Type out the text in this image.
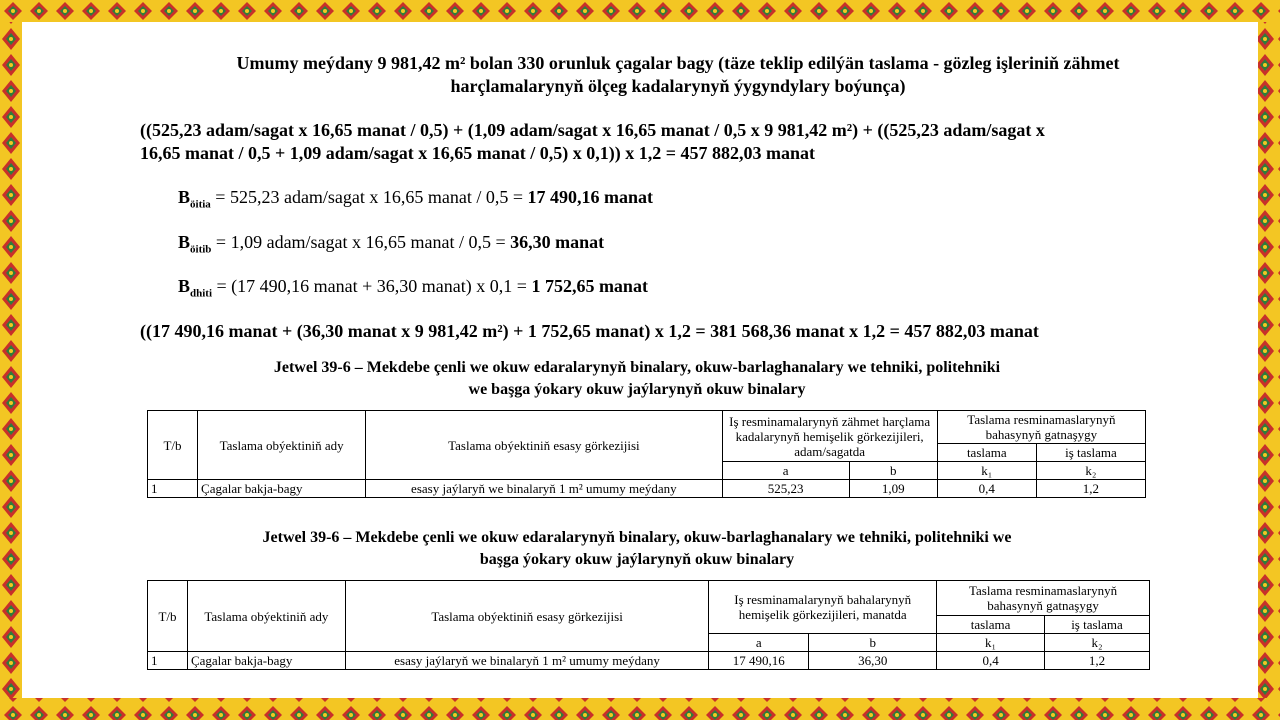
Umumy meýdany 9 981,42 m² bolan 330 orunluk çagalar bagy (täze teklip edilýän taslama - gözleg işleriniň zähmet
harçlamalarynyň ölçeg kadalarynyň ýygyndylary boýunça)
((525,23 adam/sagat x 16,65 manat / 0,5) + (1,09 adam/sagat x 16,65 manat / 0,5 x 9 981,42 m²) + ((525,23 adam/sagat x
16,65 manat / 0,5 + 1,09 adam/sagat x 16,65 manat / 0,5) x 0,1)) x 1,2 = 457 882,03 manat
$B_{öitia} = 525,23$ adam/sagat x 16,65 manat / 0,5 = 17 490,16 manat
$B_{öitib} = 1,09$ adam/sagat x 16,65 manat / 0,5 = 36,30 manat
$B_{dhiti} = (17$ 490,16 manat + 36,30 manat) x 0,1 = 1 752,65 manat
((17 490,16 manat + (36,30 manat x 9 981,42 m²) + 1 752,65 manat) x 1,2 = 381 568,36 manat x 1,2 = 457 882,03 manat
Jetwel 39-6 – Mekdebe çenli we okuw edaralarynyň binalary, okuw-barlaghanalary we tehniki, politehniki
we başga ýokary okuw jaýlarynyň okuw binalary
T/b	Taslama obýektiniň ady	Taslama obýektiniň esasy görkezijisi	Iş resminamalarynyň zähmet harçlama kadalarynyň hemişelik görkezijileri, adam/sagatda		Taslama resminamaslarynyň bahasynyň gatnaşygy	
					taslama	iş taslama
			a	b	k₁	k₂
1	Çagalar bakja-bagy	esasy jaýlaryň we binalaryň 1 m² umumy meýdany	525,23	1,09	0,4	1,2
Jetwel 39-6 – Mekdebe çenli we okuw edaralarynyň binalary, okuw-barlaghanalary we tehniki, politehniki we
başga ýokary okuw jaýlarynyň okuw binalary
T/b	Taslama obýektiniň ady	Taslama obýektiniň esasy görkezijisi	Iş resminamalarynyň bahalarynyň hemişelik görkezijileri, manatda		Taslama resminamaslarynyň bahasynyň gatnaşygy	
					taslama	iş taslama
			a	b	k₁	k₂
1	Çagalar bakja-bagy	esasy jaýlaryň we binalaryň 1 m² umumy meýdany	17 490,16	36,30	0,4	1,2
